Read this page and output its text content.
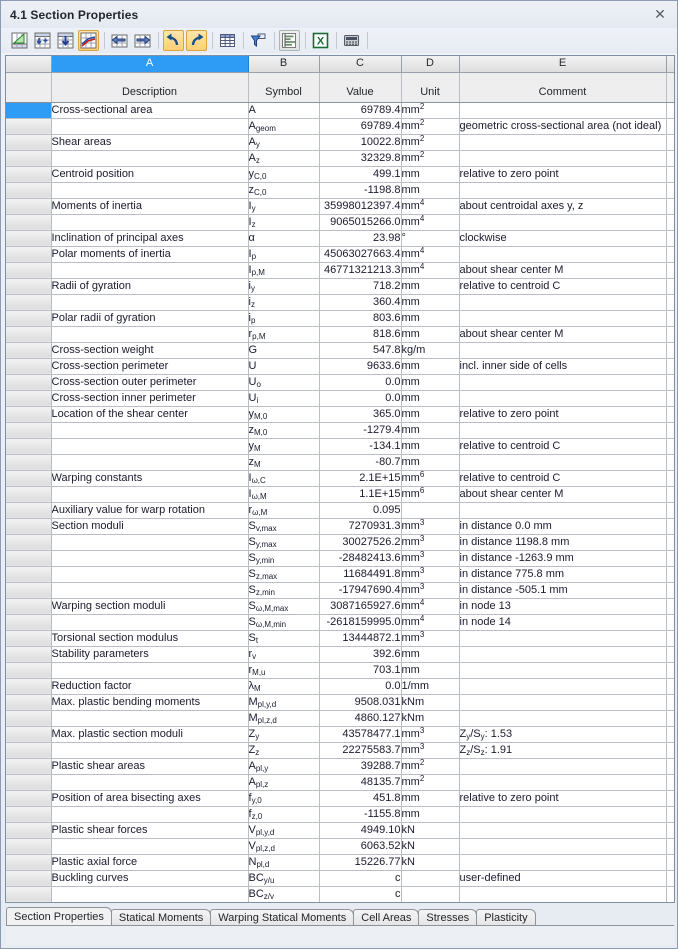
4.1 Section Properties	✕
X
	A	B	C	D	E	
	Description	Symbol	Value	Unit	Comment	
	Cross-sectional area	A	69789.4	$mm^2$		
		$A_{geom}$	69789.4	$mm^2$	geometric cross-sectional area (not ideal)	
	Shear areas	$A_y$	10022.8	$mm^2$		
		$A_z$	32329.8	$mm^2$		
	Centroid position	$y_{C,0}$	499.1	mm	relative to zero point	
		$z_{C,0}$	-1198.8	mm		
	Moments of inertia	$I_y$	35998012397.4	$mm^4$	about centroidal axes y, z	
		$I_z$	9065015266.0	$mm^4$		
	Inclination of principal axes	α	23.98	°	clockwise	
	Polar moments of inertia	$I_p$	45063027663.4	$mm^4$		
		$I_{p,M}$	46771321213.3	$mm^4$	about shear center M	
	Radii of gyration	$i_y$	718.2	mm	relative to centroid C	
		$i_z$	360.4	mm		
	Polar radii of gyration	$i_p$	803.6	mm		
		$r_{p,M}$	818.6	mm	about shear center M	
	Cross-section weight	G	547.8	kg/m		
	Cross-section perimeter	U	9633.6	mm	incl. inner side of cells	
	Cross-section outer perimeter	$U_o$	0.0	mm		
	Cross-section inner perimeter	$U_i$	0.0	mm		
	Location of the shear center	$y_{M,0}$	365.0	mm	relative to zero point	
		$z_{M,0}$	-1279.4	mm		
		$y_M$	-134.1	mm	relative to centroid C	
		$z_M$	-80.7	mm		
	Warping constants	$I_{\omega,C}$	2.1E+15	$mm^6$	relative to centroid C	
		$I_{\omega,M}$	1.1E+15	$mm^6$	about shear center M	
	Auxiliary value for warp rotation	$r_{\omega,M}$	0.095			
	Section moduli	$S_{v,max}$	7270931.3	$mm^3$	in distance 0.0 mm	
		$S_{y,max}$	30027526.2	$mm^3$	in distance 1198.8 mm	
		$S_{y,min}$	-28482413.6	$mm^3$	in distance -1263.9 mm	
		$S_{z,max}$	11684491.8	$mm^3$	in distance 775.8 mm	
		$S_{z,min}$	-17947690.4	$mm^3$	in distance -505.1 mm	
	Warping section moduli	$S_{\omega,M,max}$	3087165927.6	$mm^4$	in node 13	
		$S_{\omega,M,min}$	-2618159995.0	$mm^4$	in node 14	
	Torsional section modulus	$S_t$	13444872.1	$mm^3$		
	Stability parameters	$r_v$	392.6	mm		
		$r_{M,u}$	703.1	mm		
	Reduction factor	$\lambda_M$	0.0	1/mm		
	Max. plastic bending moments	$M_{pl,y,d}$	9508.031	kNm		
		$M_{pl,z,d}$	4860.127	kNm		
	Max. plastic section moduli	$Z_y$	43578477.1	$mm^3$	$Z_y/S_y$: 1.53	
		$Z_z$	22275583.7	$mm^3$	$Z_z/S_z$: 1.91	
	Plastic shear areas	$A_{pl,y}$	39288.7	$mm^2$		
		$A_{pl,z}$	48135.7	$mm^2$		
	Position of area bisecting axes	$f_{y,0}$	451.8	mm	relative to zero point	
		$f_{z,0}$	-1155.8	mm		
	Plastic shear forces	$V_{pl,y,d}$	4949.10	kN		
		$V_{pl,z,d}$	6063.52	kN		
	Plastic axial force	$N_{pl,d}$	15226.77	kN		
	Buckling curves	$BC_{y/u}$	c		user-defined	
		$BC_{z/v}$	c			
Section Properties	Statical Moments	Warping Statical Moments	Cell Areas	Stresses	Plasticity
